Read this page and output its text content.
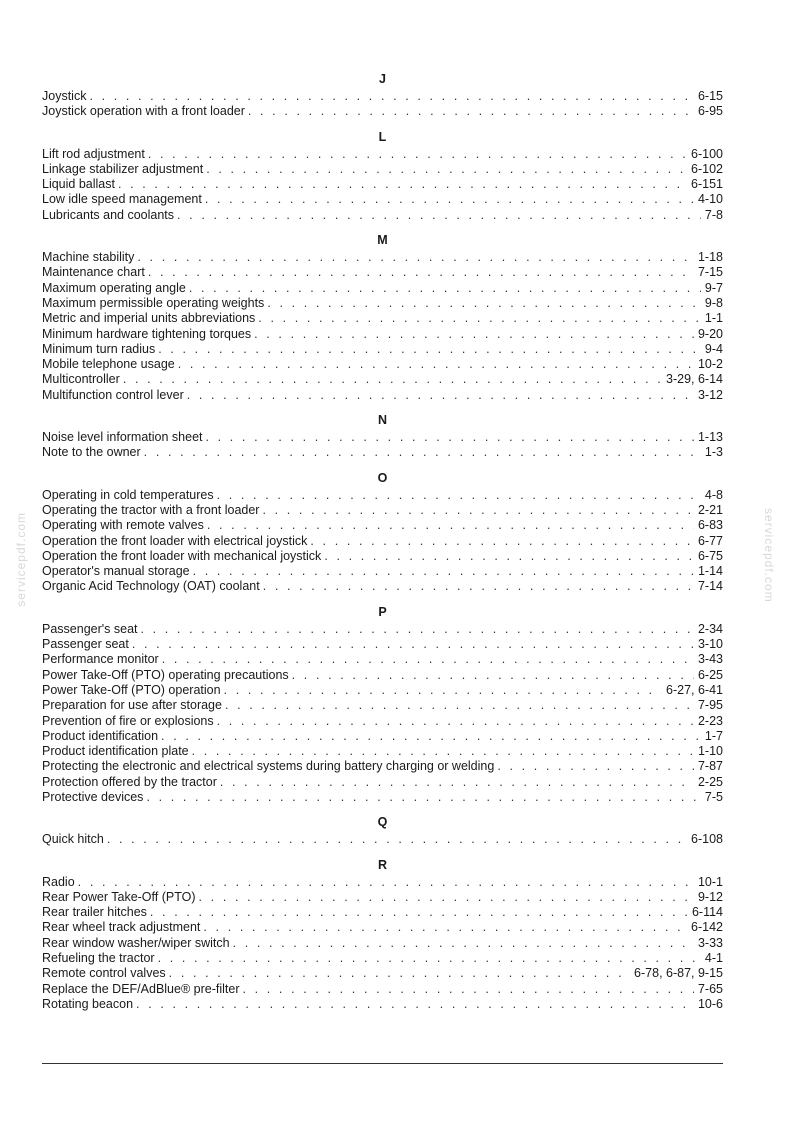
J
Joystick . . .	6-15
Joystick operation with a front loader . . .	6-95
L
Lift rod adjustment . . .	6-100
Linkage stabilizer adjustment . . .	6-102
Liquid ballast . . .	6-151
Low idle speed management . . .	4-10
Lubricants and coolants . . .	7-8
M
Machine stability . . .	1-18
Maintenance chart . . .	7-15
Maximum operating angle . . .	9-7
Maximum permissible operating weights . . .	9-8
Metric and imperial units abbreviations . . .	1-1
Minimum hardware tightening torques . . .	9-20
Minimum turn radius . . .	9-4
Mobile telephone usage . . .	10-2
Multicontroller . . .	3-29, 6-14
Multifunction control lever . . .	3-12
N
Noise level information sheet . . .	1-13
Note to the owner . . .	1-3
O
Operating in cold temperatures . . .	4-8
Operating the tractor with a front loader . . .	2-21
Operating with remote valves . . .	6-83
Operation the front loader with electrical joystick . . .	6-77
Operation the front loader with mechanical joystick . . .	6-75
Operator's manual storage . . .	1-14
Organic Acid Technology (OAT) coolant . . .	7-14
P
Passenger's seat . . .	2-34
Passenger seat . . .	3-10
Performance monitor . . .	3-43
Power Take-Off (PTO) operating precautions . . .	6-25
Power Take-Off (PTO) operation . . .	6-27, 6-41
Preparation for use after storage . . .	7-95
Prevention of fire or explosions . . .	2-23
Product identification . . .	1-7
Product identification plate . . .	1-10
Protecting the electronic and electrical systems during battery charging or welding . . .	7-87
Protection offered by the tractor . . .	2-25
Protective devices . . .	7-5
Q
Quick hitch . . .	6-108
R
Radio . . .	10-1
Rear Power Take-Off (PTO) . . .	9-12
Rear trailer hitches . . .	6-114
Rear wheel track adjustment . . .	6-142
Rear window washer/wiper switch . . .	3-33
Refueling the tractor . . .	4-1
Remote control valves . . .	6-78, 6-87, 9-15
Replace the DEF/AdBlue® pre-filter . . .	7-65
Rotating beacon . . .	10-6
servicepdf.com	servicepdf.com
